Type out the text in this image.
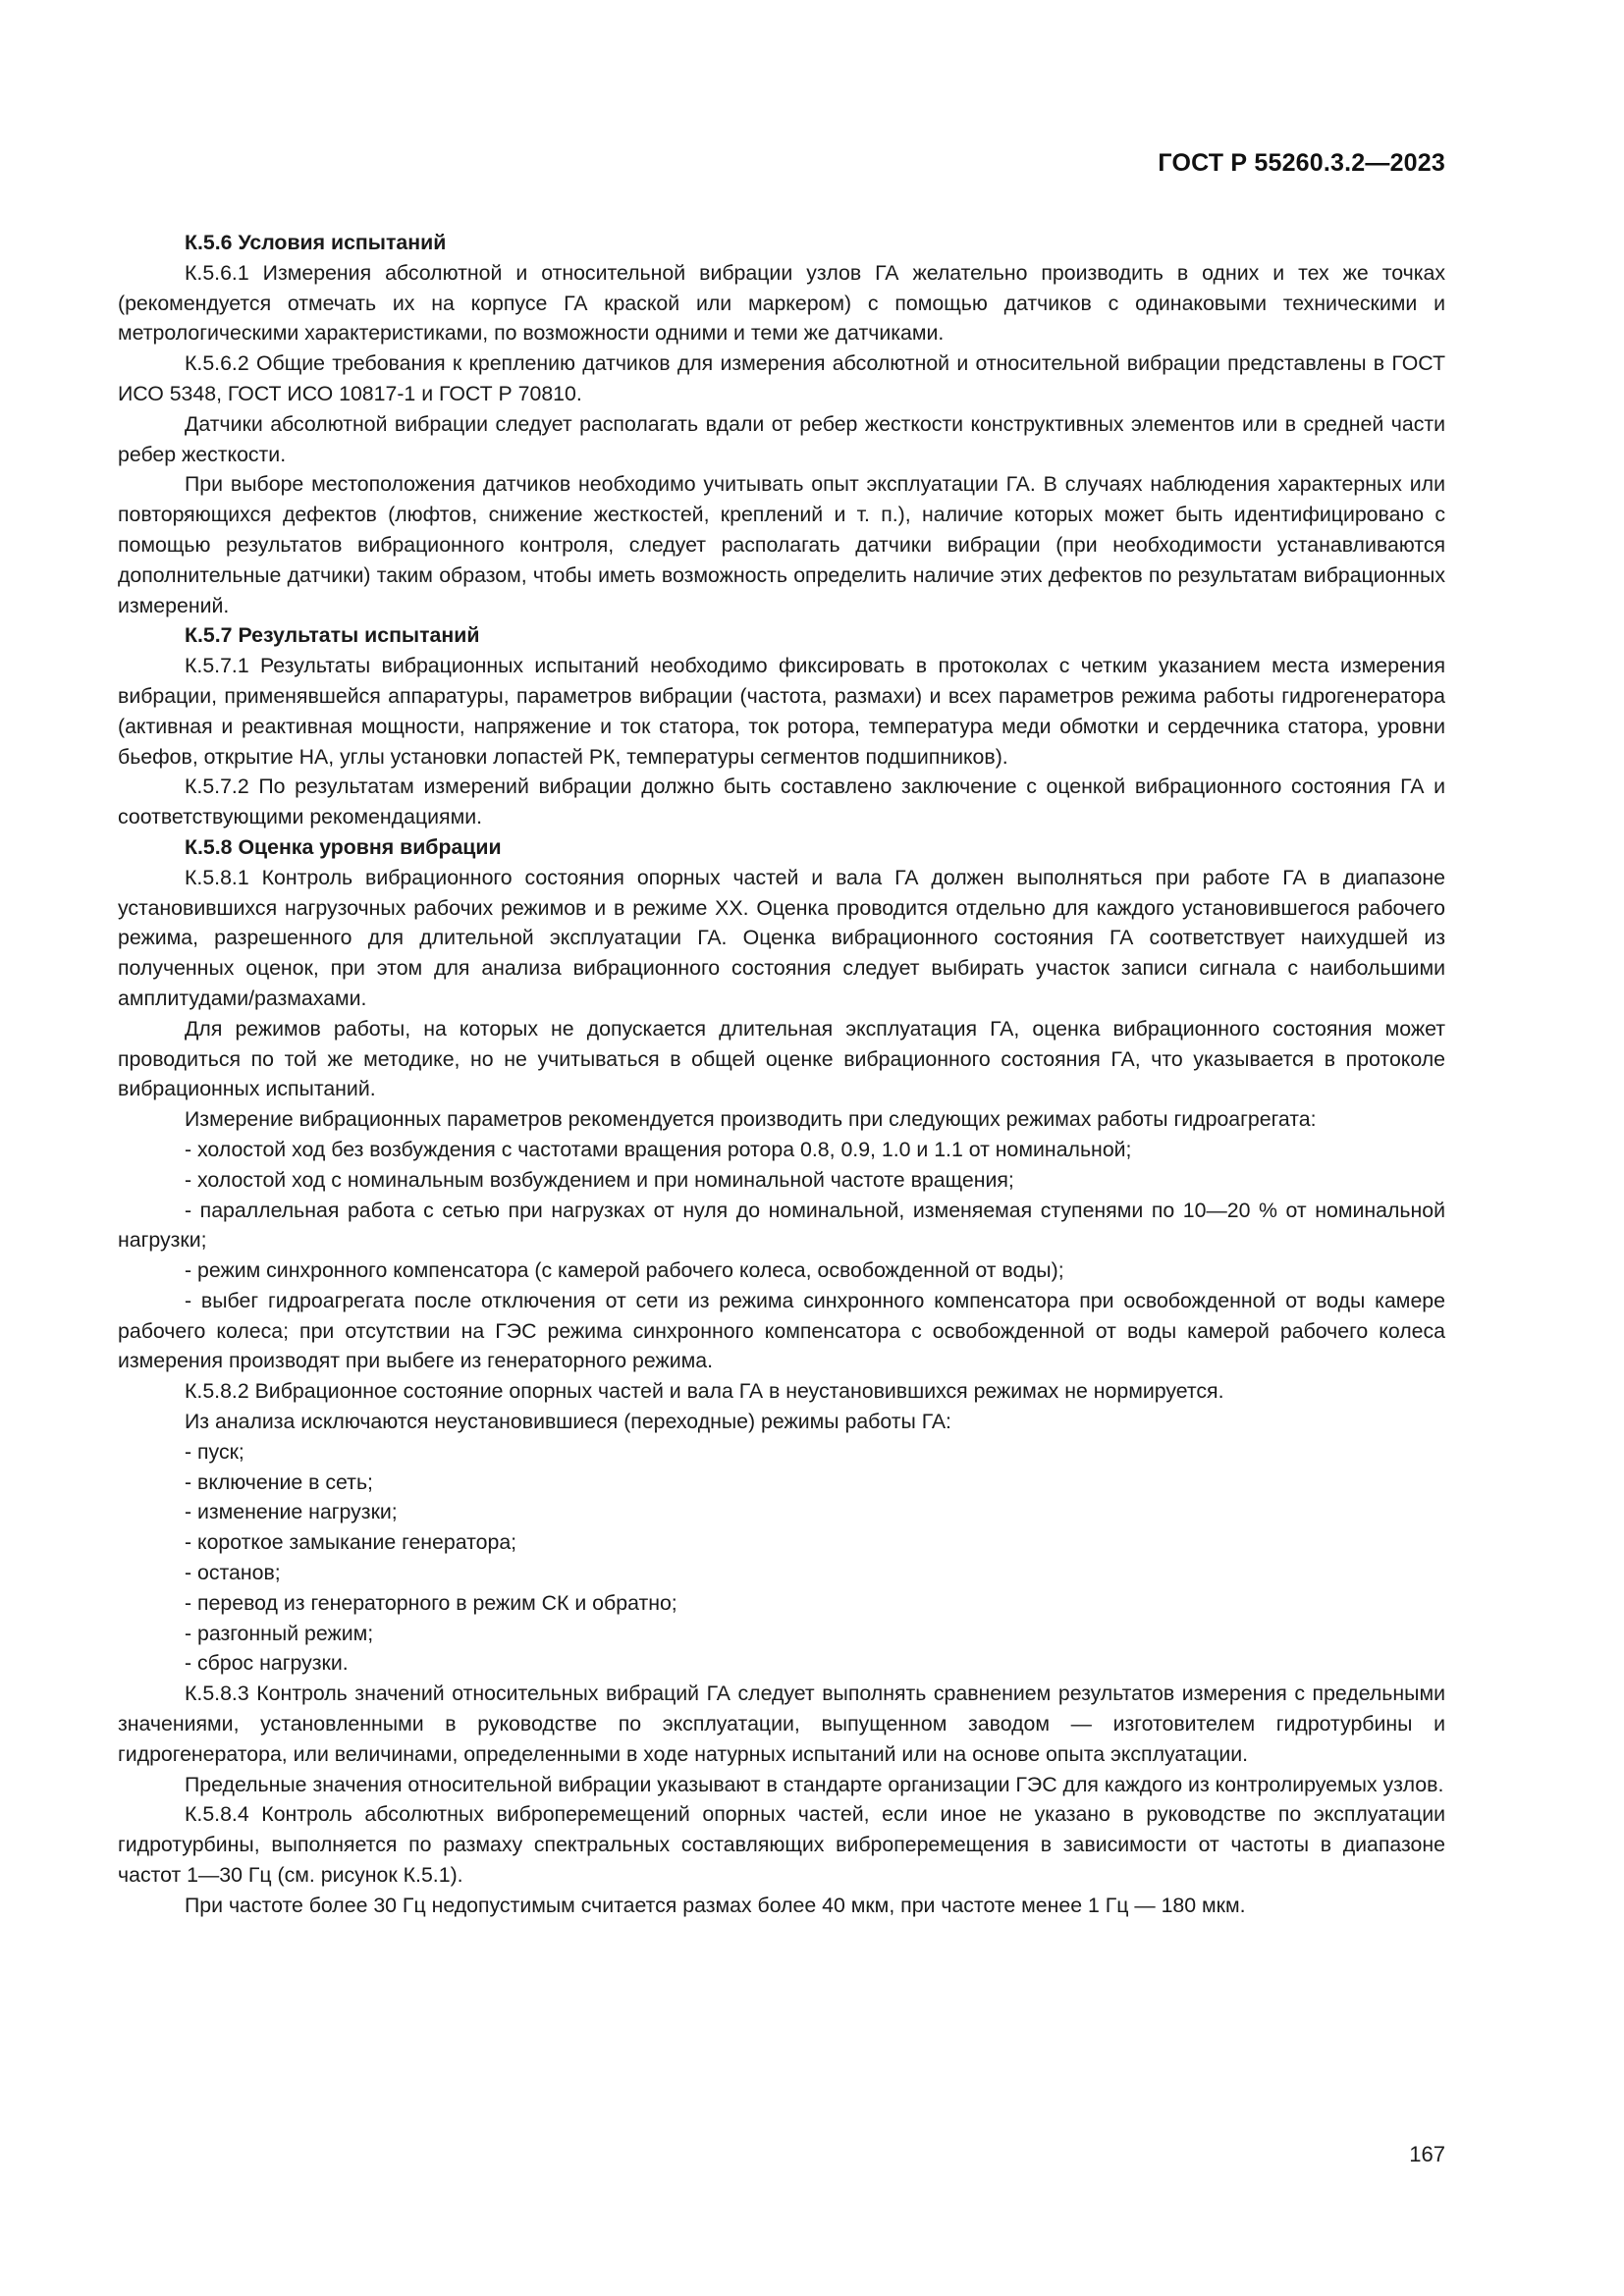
ГОСТ Р 55260.3.2—2023

К.5.6 Условия испытаний

К.5.6.1 Измерения абсолютной и относительной вибрации узлов ГА желательно производить в одних и тех же точках (рекомендуется отмечать их на корпусе ГА краской или маркером) с помощью датчиков с одинаковыми техническими и метрологическими характеристиками, по возможности одними и теми же датчиками.

К.5.6.2 Общие требования к креплению датчиков для измерения абсолютной и относительной вибрации представлены в ГОСТ ИСО 5348, ГОСТ ИСО 10817-1 и ГОСТ Р 70810.

Датчики абсолютной вибрации следует располагать вдали от ребер жесткости конструктивных элементов или в средней части ребер жесткости.

При выборе местоположения датчиков необходимо учитывать опыт эксплуатации ГА. В случаях наблюдения характерных или повторяющихся дефектов (люфтов, снижение жесткостей, креплений и т. п.), наличие которых может быть идентифицировано с помощью результатов вибрационного контроля, следует располагать датчики вибрации (при необходимости устанавливаются дополнительные датчики) таким образом, чтобы иметь возможность определить наличие этих дефектов по результатам вибрационных измерений.

К.5.7 Результаты испытаний

К.5.7.1 Результаты вибрационных испытаний необходимо фиксировать в протоколах с четким указанием места измерения вибрации, применявшейся аппаратуры, параметров вибрации (частота, размахи) и всех параметров режима работы гидрогенератора (активная и реактивная мощности, напряжение и ток статора, ток ротора, температура меди обмотки и сердечника статора, уровни бьефов, открытие НА, углы установки лопастей РК, температуры сегментов подшипников).

К.5.7.2 По результатам измерений вибрации должно быть составлено заключение с оценкой вибрационного состояния ГА и соответствующими рекомендациями.

К.5.8 Оценка уровня вибрации

К.5.8.1 Контроль вибрационного состояния опорных частей и вала ГА должен выполняться при работе ГА в диапазоне установившихся нагрузочных рабочих режимов и в режиме ХХ. Оценка проводится отдельно для каждого установившегося рабочего режима, разрешенного для длительной эксплуатации ГА. Оценка вибрационного состояния ГА соответствует наихудшей из полученных оценок, при этом для анализа вибрационного состояния следует выбирать участок записи сигнала с наибольшими амплитудами/размахами.

Для режимов работы, на которых не допускается длительная эксплуатация ГА, оценка вибрационного состояния может проводиться по той же методике, но не учитываться в общей оценке вибрационного состояния ГА, что указывается в протоколе вибрационных испытаний.

Измерение вибрационных параметров рекомендуется производить при следующих режимах работы гидроагрегата:

- холостой ход без возбуждения с частотами вращения ротора 0.8, 0.9, 1.0 и 1.1 от номинальной;

- холостой ход с номинальным возбуждением и при номинальной частоте вращения;

- параллельная работа с сетью при нагрузках от нуля до номинальной, изменяемая ступенями по 10—20 % от номинальной нагрузки;

- режим синхронного компенсатора (с камерой рабочего колеса, освобожденной от воды);

- выбег гидроагрегата после отключения от сети из режима синхронного компенсатора при освобожденной от воды камере рабочего колеса; при отсутствии на ГЭС режима синхронного компенсатора с освобожденной от воды камерой рабочего колеса измерения производят при выбеге из генераторного режима.

К.5.8.2 Вибрационное состояние опорных частей и вала ГА в неустановившихся режимах не нормируется.

Из анализа исключаются неустановившиеся (переходные) режимы работы ГА:

- пуск;

- включение в сеть;

- изменение нагрузки;

- короткое замыкание генератора;

- останов;

- перевод из генераторного в режим СК и обратно;

- разгонный режим;

- сброс нагрузки.

К.5.8.3 Контроль значений относительных вибраций ГА следует выполнять сравнением результатов измерения с предельными значениями, установленными в руководстве по эксплуатации, выпущенном заводом — изготовителем гидротурбины и гидрогенератора, или величинами, определенными в ходе натурных испытаний или на основе опыта эксплуатации.

Предельные значения относительной вибрации указывают в стандарте организации ГЭС для каждого из контролируемых узлов.

К.5.8.4 Контроль абсолютных виброперемещений опорных частей, если иное не указано в руководстве по эксплуатации гидротурбины, выполняется по размаху спектральных составляющих виброперемещения в зависимости от частоты в диапазоне частот 1—30 Гц (см. рисунок К.5.1).

При частоте более 30 Гц недопустимым считается размах более 40 мкм, при частоте менее 1 Гц — 180 мкм.

167
